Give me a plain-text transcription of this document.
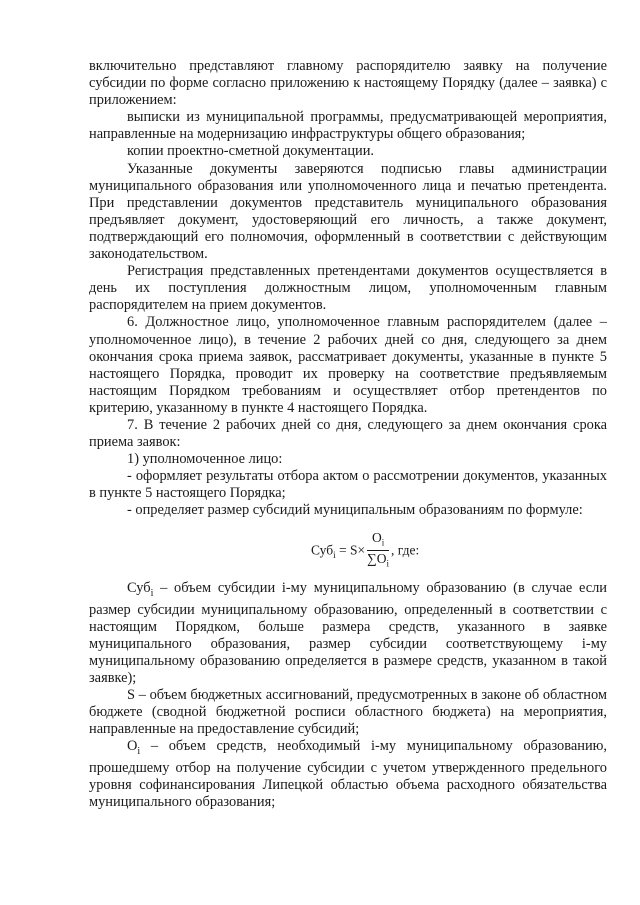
включительно представляют главному распорядителю заявку на получение субсидии по форме согласно приложению к настоящему Порядку (далее – заявка) с приложением:

выписки из муниципальной программы, предусматривающей мероприятия, направленные на модернизацию инфраструктуры общего образования;

копии проектно-сметной документации.

Указанные документы заверяются подписью главы администрации муниципального образования или уполномоченного лица и печатью претендента. При представлении документов представитель муниципального образования предъявляет документ, удостоверяющий его личность, а также документ, подтверждающий его полномочия, оформленный в соответствии с действующим законодательством.

Регистрация представленных претендентами документов осуществляется в день их поступления должностным лицом, уполномоченным главным распорядителем на прием документов.

6. Должностное лицо, уполномоченное главным распорядителем (далее – уполномоченное лицо), в течение 2 рабочих дней со дня, следующего за днем окончания срока приема заявок, рассматривает документы, указанные в пункте 5 настоящего Порядка, проводит их проверку на соответствие предъявляемым настоящим Порядком требованиям и осуществляет отбор претендентов по критерию, указанному в пункте 4 настоящего Порядка.

7. В течение 2 рабочих дней со дня, следующего за днем окончания срока приема заявок:

1) уполномоченное лицо:

- оформляет результаты отбора актом о рассмотрении документов, указанных в пункте 5 настоящего Порядка;

- определяет размер субсидий муниципальным образованиям по формуле:

$Суб_i = S\times \frac{O_i}{\sum O_i}$ , где:

Суб$_i$ – объем субсидии i-му муниципальному образованию (в случае если размер субсидии муниципальному образованию, определенный в соответствии с настоящим Порядком, больше размера средств, указанного в заявке муниципального образования, размер субсидии соответствующему i-му муниципальному образованию определяется в размере средств, указанном в такой заявке);

S – объем бюджетных ассигнований, предусмотренных в законе об областном бюджете (сводной бюджетной росписи областного бюджета) на мероприятия, направленные на предоставление субсидий;

$O_i$ – объем средств, необходимый i-му муниципальному образованию, прошедшему отбор на получение субсидии с учетом утвержденного предельного уровня софинансирования Липецкой областью объема расходного обязательства муниципального образования;
